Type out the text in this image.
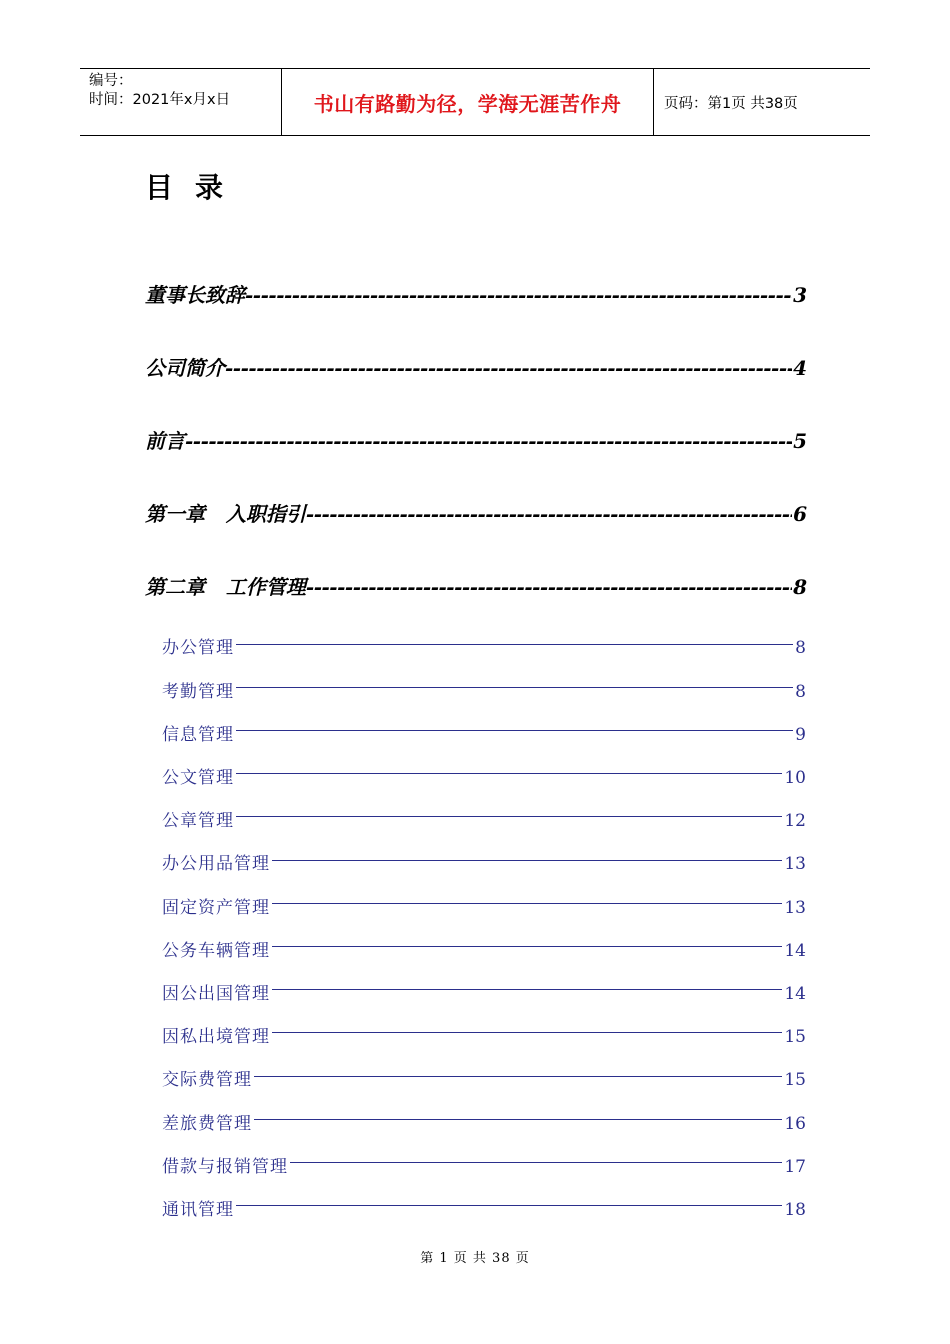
编号：
时间：2021年x月x日	书山有路勤为径，学海无涯苦作舟	页码：第1页 共38页
目录
董事长致辞 -----	3
公司简介 -----	4
前言 -----	5
第一章   入职指引 -----	6
第二章   工作管理 -----	8
办公管理	8
考勤管理	8
信息管理	9
公文管理	10
公章管理	12
办公用品管理	13
固定资产管理	13
公务车辆管理	14
因公出国管理	14
因私出境管理	15
交际费管理	15
差旅费管理	16
借款与报销管理	17
通讯管理	18
第 1 页 共 38 页
